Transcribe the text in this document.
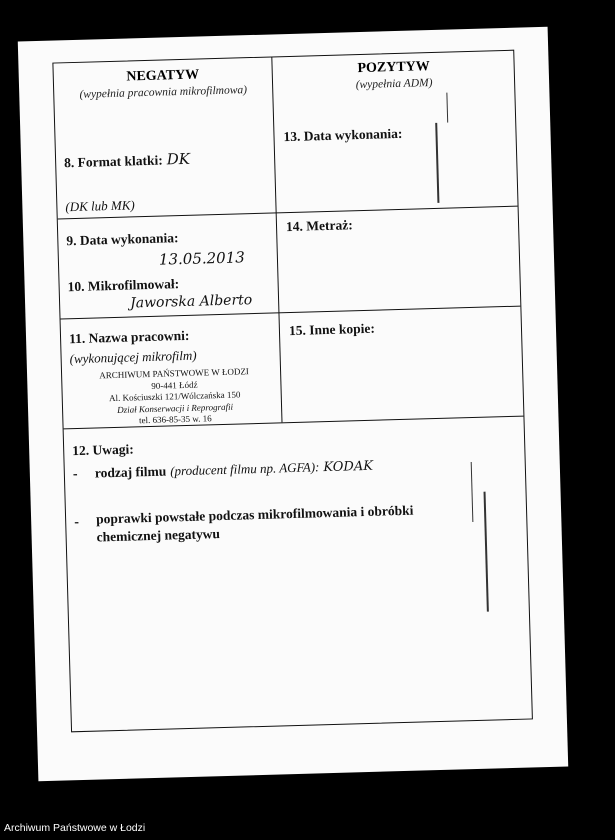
NEGATYW
(wypełnia pracownia mikrofilmowa)
POZYTYW
(wypełnia ADM)
8. Format klatki: DK
(DK lub MK)
13. Data wykonania:
9. Data wykonania:
13.05.2013
10. Mikrofilmował:
Jaworska Alberto
14. Metraż:
11. Nazwa pracowni:
(wykonującej mikrofilm)
ARCHIWUM PAŃSTWOWE W ŁODZI
90-441 Łódź
Al. Kościuszki 121/Wólczańska 150
Dział Konserwacji i Reprografii
tel. 636-85-35 w. 16
15. Inne kopie:
12. Uwagi:
- rodzaj filmu (producent filmu np. AGFA): KODAK
- poprawki powstałe podczas mikrofilmowania i obróbki chemicznej negatywu
Archiwum Państwowe w Łodzi
